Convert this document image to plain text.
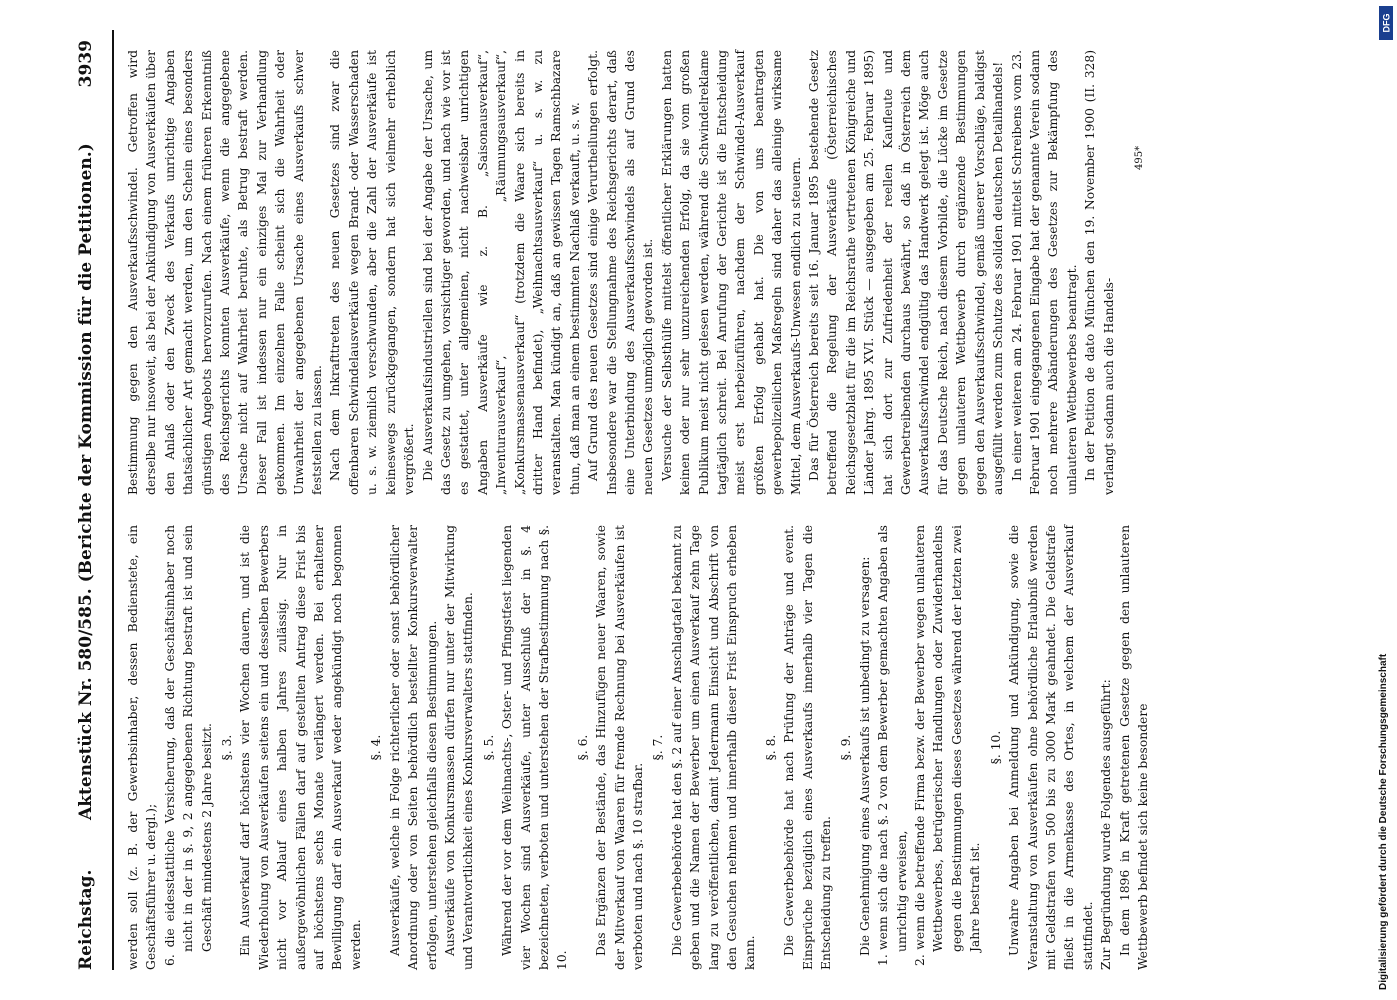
Reichstag.
Aktenstück Nr. 580/585. (Berichte der Kommission für die Petitionen.)
3939

werden soll (z. B. der Gewerbsinhaber, dessen Bedienstete, ein Geschäftsführer u. dergl.); 6. die eidesstattliche Versicherung, daß der Geschäftsinhaber noch nicht in der in §. 9, 2 angegebenen Richtung bestraft ist und sein Geschäft mindestens 2 Jahre besitzt. §. 3. Ein Ausverkauf darf höchstens vier Wochen dauern, und ist die Wiederholung von Ausverkäufen seitens ein und desselben Bewerbers nicht vor Ablauf eines halben Jahres zulässig. Nur in außergewöhnlichen Fällen darf auf gestellten Antrag diese Frist bis auf höchstens sechs Monate verlängert werden. Bei erhaltener Bewilligung darf ein Ausverkauf weder angekündigt noch begonnen werden.

§. 4. Ausverkäufe, welche in Folge richterlicher oder sonst behördlicher Anordnung oder von Seiten behördlich bestellter Konkursverwalter erfolgen, unterstehen gleichfalls diesen Bestimmungen. Ausverkäufe von Konkursmassen dürfen nur unter der Mitwirkung und Verantwortlichkeit eines Konkursverwalters stattfinden. §. 5. Während der vor dem Weihnachts-, Oster- und Pfingstfest liegenden vier Wochen sind Ausverkäufe, unter Ausschluß der in §. 4 bezeichneten, verboten und unterstehen der Strafbestimmung nach §. 10.

§. 6. Das Ergänzen der Bestände, das Hinzufügen neuer Waaren, sowie der Mitverkauf von Waaren für fremde Rechnung bei Ausverkäufen ist verboten und nach §. 10 strafbar.

§. 7. Die Gewerbebehörde hat den §. 2 auf einer Anschlagtafel bekannt zu geben und die Namen der Bewerber um einen Ausverkauf zehn Tage lang zu veröffentlichen, damit Jedermann Einsicht und Abschrift von den Gesuchen nehmen und innerhalb dieser Frist Einspruch erheben kann.

§. 8. Die Gewerbebehörde hat nach Prüfung der Anträge und event. Einsprüche bezüglich eines Ausverkaufs innerhalb vier Tagen die Entscheidung zu treffen.

§. 9. Die Genehmigung eines Ausverkaufs ist unbedingt zu versagen: 1. wenn sich die nach §. 2 von dem Bewerber gemachten Angaben als unrichtig erweisen, 2. wenn die betreffende Firma bezw. der Bewerber wegen unlauteren Wettbewerbes, betrügerischer Handlungen oder Zuwiderhandelns gegen die Bestimmungen dieses Gesetzes während der letzten zwei Jahre bestraft ist.

§. 10. Unwahre Angaben bei Anmeldung und Ankündigung, sowie die Veranstaltung von Ausverkäufen ohne behördliche Erlaubniß werden mit Geldstrafen von 500 bis zu 3000 Mark geahndet. Die Geldstrafe fließt in die Armenkasse des Ortes, in welchem der Ausverkauf stattfindet. Zur Begründung wurde Folgendes ausgeführt: In dem 1896 in Kraft getretenen Gesetze gegen den unlauteren Wettbewerb befindet sich keine besondere

Bestimmung gegen den Ausverkaufsschwindel. Getroffen wird derselbe nur insoweit, als bei der Ankündigung von Ausverkäufen über den Anlaß oder den Zweck des Verkaufs unrichtige Angaben thatsächlicher Art gemacht werden, um den Schein eines besonders günstigen Angebots hervorzurufen. Nach einem früheren Erkenntniß des Reichsgerichts konnten Ausverkäufe, wenn die angegebene Ursache nicht auf Wahrheit beruhte, als Betrug bestraft werden. Dieser Fall ist indessen nur ein einziges Mal zur Verhandlung gekommen. Im einzelnen Falle scheint sich die Wahrheit oder Unwahrheit der angegebenen Ursache eines Ausverkaufs schwer feststellen zu lassen. Nach dem Inkrafttreten des neuen Gesetzes sind zwar die offenbaren Schwindelausverkäufe wegen Brand- oder Wasserschaden u. s. w. ziemlich verschwunden, aber die Zahl der Ausverkäufe ist keineswegs zurückgegangen, sondern hat sich vielmehr erheblich vergrößert. Die Ausverkaufsindustriellen sind bei der Angabe der Ursache, um das Gesetz zu umgehen, vorsichtiger geworden, und nach wie vor ist es gestattet, unter allgemeinen, nicht nachweisbar unrichtigen Angaben Ausverkäufe wie z. B. „Saisonausverkauf“, „Inventurausverkauf“, „Räumungsausverkauf“, „Konkursmassenausverkauf“ (trotzdem die Waare sich bereits in dritter Hand befindet), „Weihnachtsausverkauf“ u. s. w. zu veranstalten. Man kündigt an, daß an gewissen Tagen Ramschbazare thun, daß man an einem bestimmten Nachlaß verkauft, u. s. w. Auf Grund des neuen Gesetzes sind einige Verurtheilungen erfolgt. Insbesondere war die Stellungnahme des Reichsgerichts derart, daß eine Unterbindung des Ausverkaufsschwindels als auf Grund des neuen Gesetzes unmöglich geworden ist. Versuche der Selbsthülfe mittelst öffentlicher Erklärungen hatten keinen oder nur sehr unzureichenden Erfolg, da sie vom großen Publikum meist nicht gelesen werden, während die Schwindelreklame tagtäglich schreit. Bei Anrufung der Gerichte ist die Entscheidung meist erst herbeizuführen, nachdem der Schwindel-Ausverkauf größten Erfolg gehabt hat. Die von uns beantragten gewerbepolizeilichen Maßregeln sind daher das alleinige wirksame Mittel, dem Ausverkaufs-Unwesen endlich zu steuern. Das für Österreich bereits seit 16. Januar 1895 bestehende Gesetz betreffend die Regelung der Ausverkäufe (Österreichisches Reichsgesetzblatt für die im Reichsrathe vertretenen Königreiche und Länder Jahrg. 1895 XVI. Stück — ausgegeben am 25. Februar 1895) hat sich dort zur Zufriedenheit der reellen Kaufleute und Gewerbetreibenden durchaus bewährt, so daß in Österreich dem Ausverkaufsschwindel endgültig das Handwerk gelegt ist. Möge auch für das Deutsche Reich, nach diesem Vorbilde, die Lücke im Gesetze gegen unlauteren Wettbewerb durch ergänzende Bestimmungen gegen den Ausverkaufsschwindel, gemäß unserer Vorschläge, baldigst ausgefüllt werden zum Schutze des soliden deutschen Detailhandels! In einer weiteren am 24. Februar 1901 mittelst Schreibens vom 23. Februar 1901 eingegangenen Eingabe hat der genannte Verein sodann noch mehrere Abänderungen des Gesetzes zur Bekämpfung des unlauteren Wettbewerbes beantragt. In der Petition de dato München den 19. November 1900 (II. 328) verlangt sodann auch die Handels-

495*
DFG
Digitalisierung gefördert durch die Deutsche Forschungsgemeinschaft
